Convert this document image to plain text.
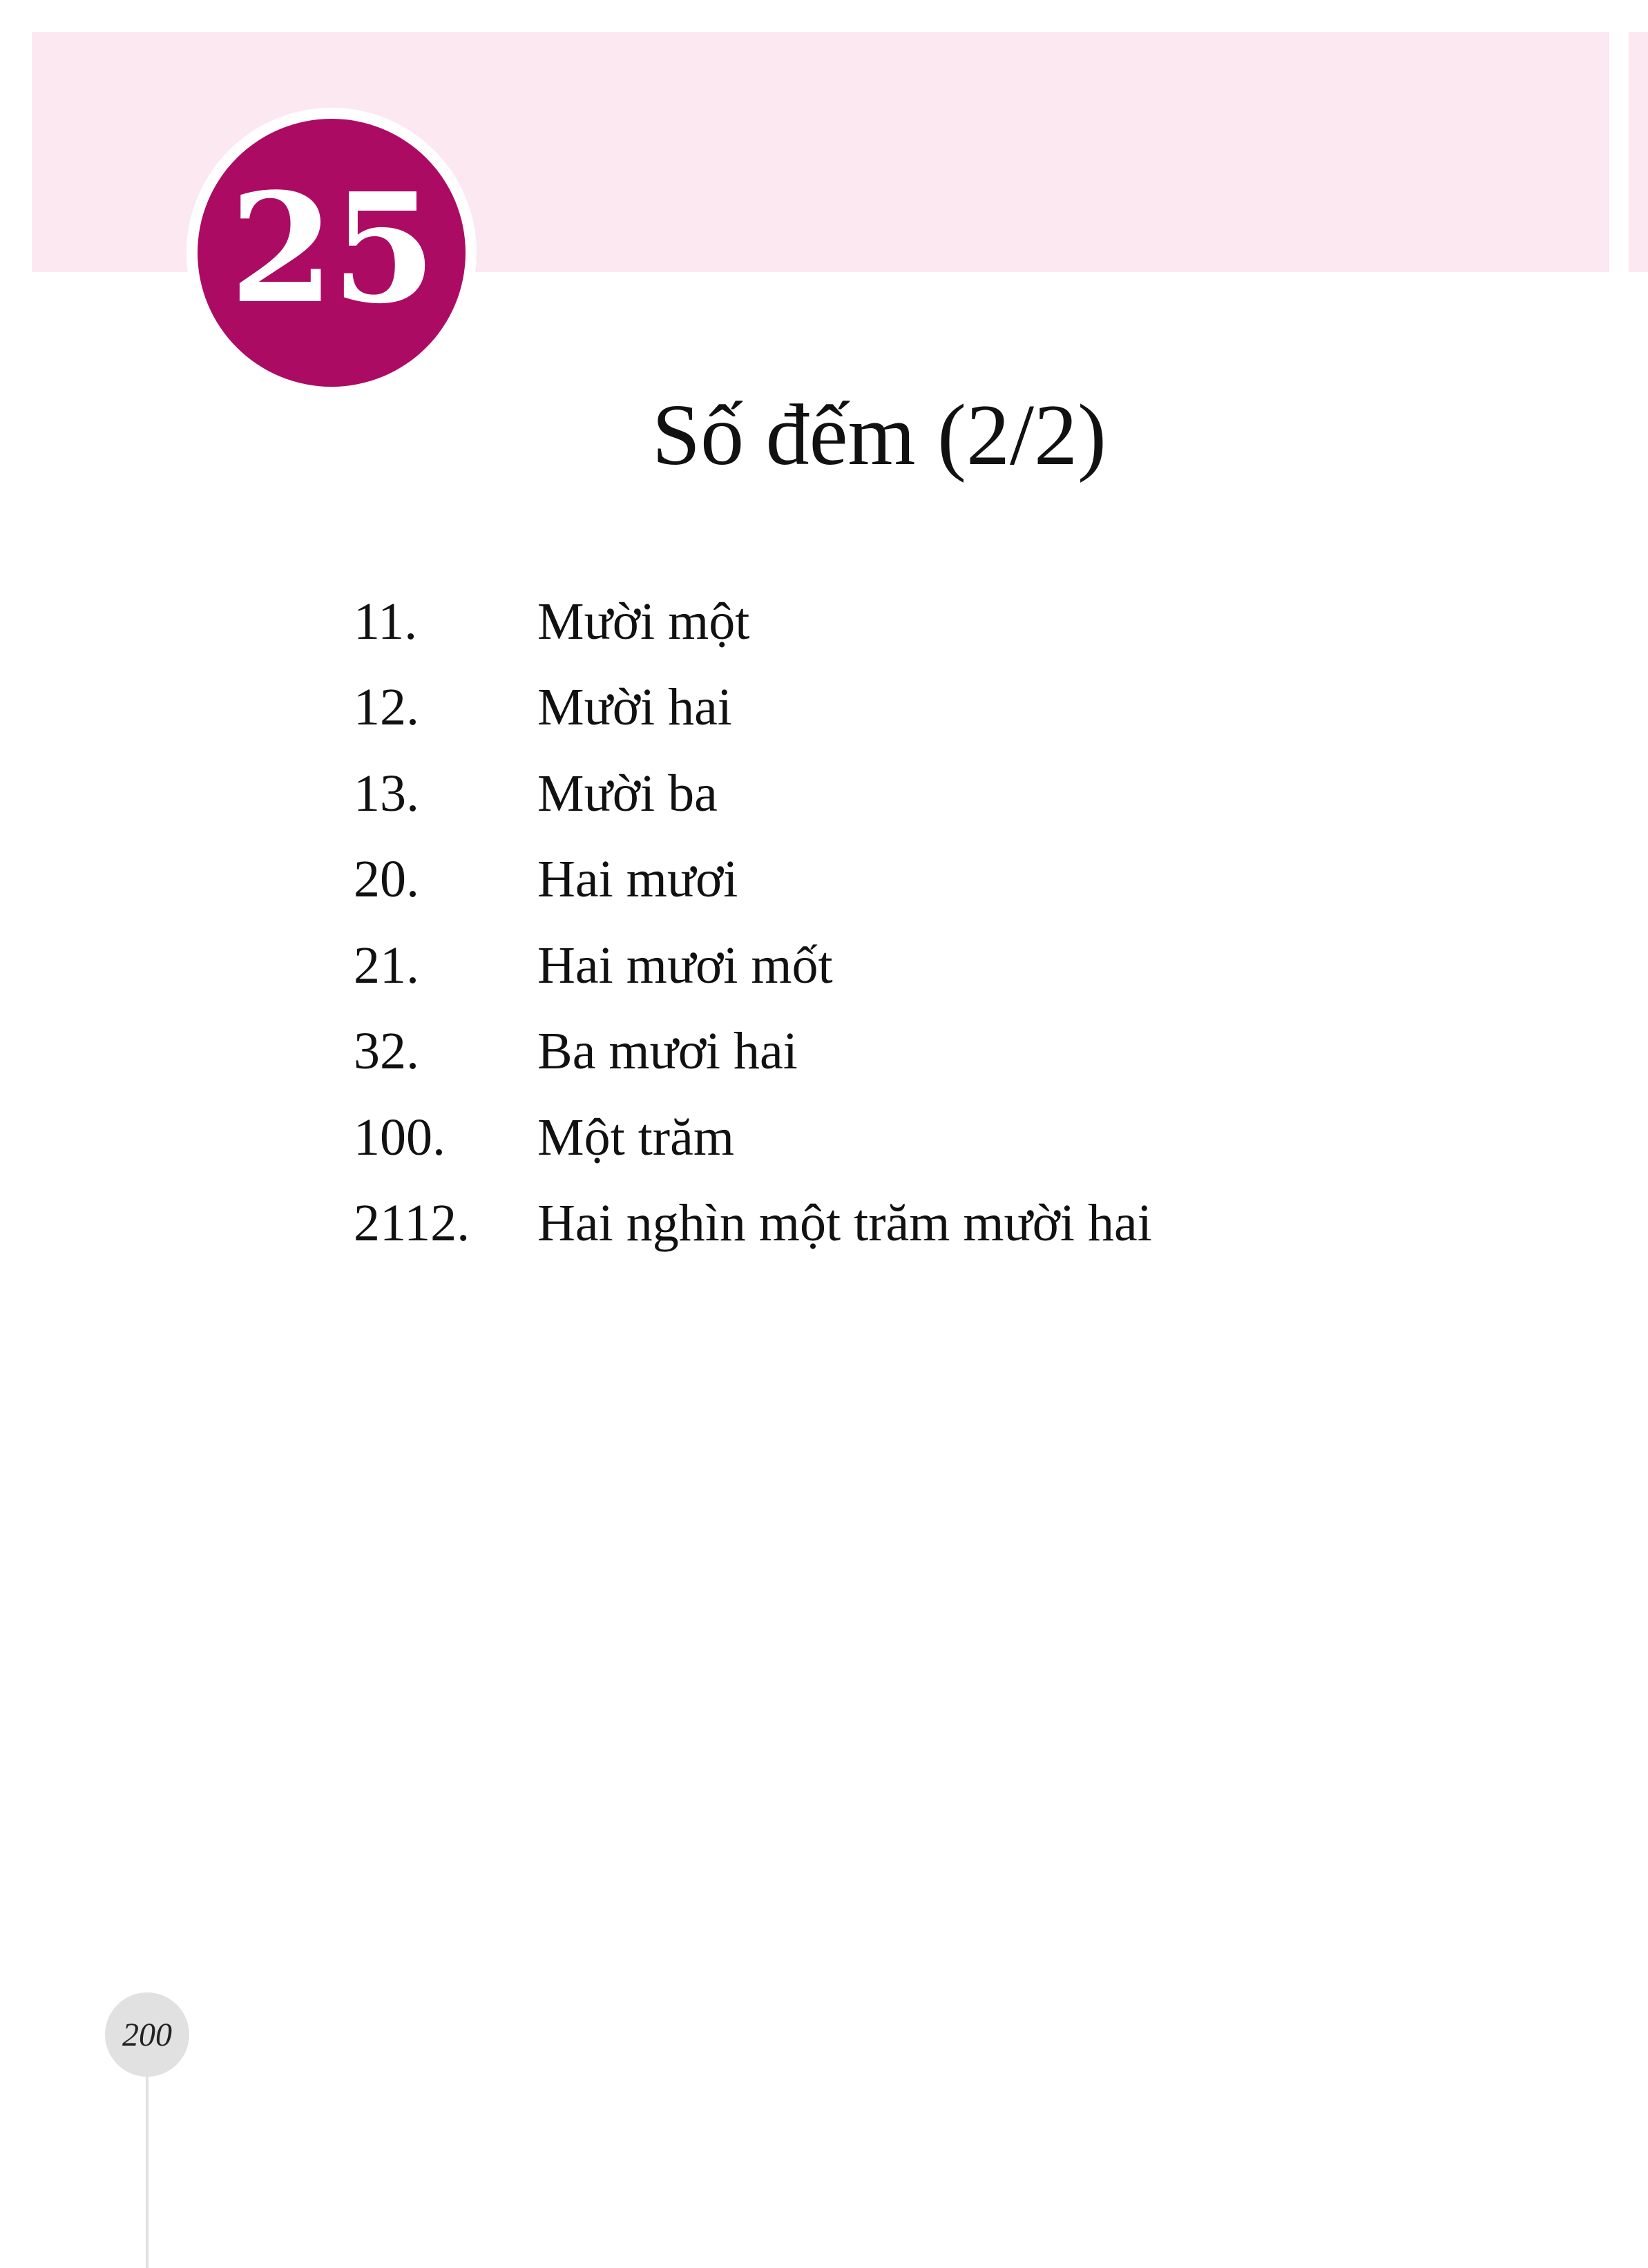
25
Số đếm (2/2)
11.	Mười một
12.	Mười hai
13.	Mười ba
20.	Hai mươi
21.	Hai mươi mốt
32.	Ba mươi hai
100.	Một trăm
2112.	Hai nghìn một trăm mười hai
200
